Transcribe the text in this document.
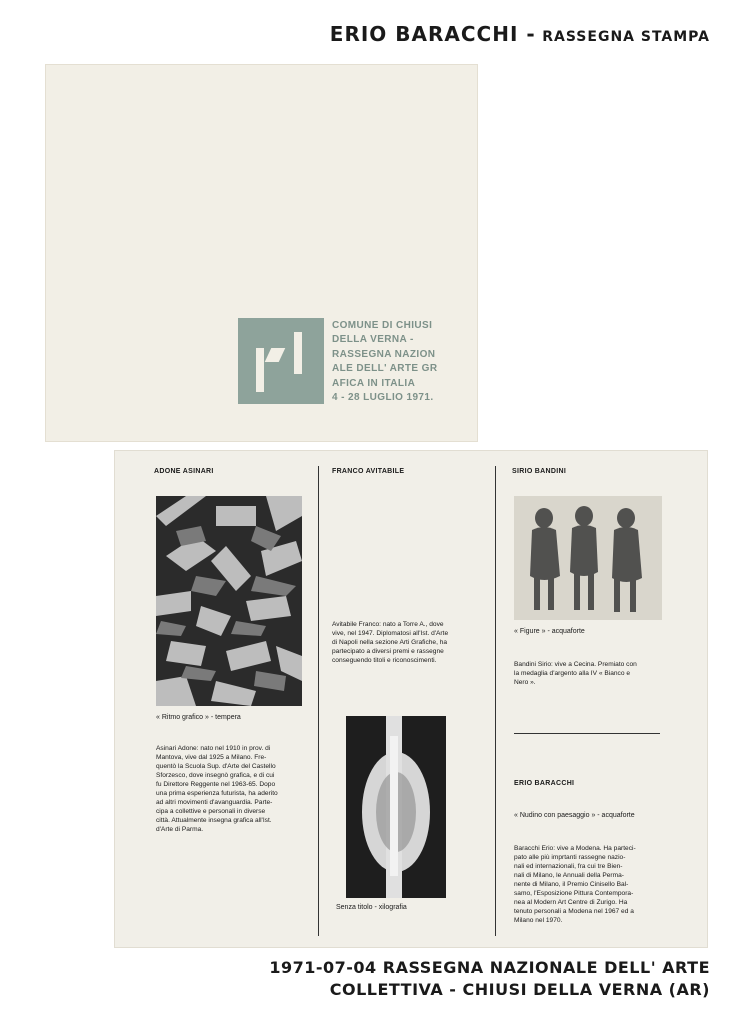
ERIO BARACCHI - RASSEGNA STAMPA
COMUNE DI CHIUSI
DELLA VERNA -
RASSEGNA NAZION
ALE DELL' ARTE GR
AFICA IN ITALIA
4 - 28 LUGLIO 1971.
ADONE ASINARI
« Ritmo grafico » - tempera
Asinari Adone: nato nel 1910 in prov. di
Mantova, vive dal 1925 a Milano. Fre-
quentò la Scuola Sup. d'Arte del Castello
Sforzesco, dove insegnò grafica, e di cui
fu Direttore Reggente nel 1963-65. Dopo
una prima esperienza futurista, ha aderito
ad altri movimenti d'avanguardia. Parte-
cipa a collettive e personali in diverse
città. Attualmente insegna grafica all'Ist.
d'Arte di Parma.
FRANCO AVITABILE
Avitabile Franco: nato a Torre A., dove
vive, nel 1947. Diplomatosi all'Ist. d'Arte
di Napoli nella sezione Arti Grafiche, ha
partecipato a diversi premi e rassegne
conseguendo titoli e riconoscimenti.
Senza titolo - xilografia
SIRIO BANDINI
« Figure » - acquaforte
Bandini Sirio: vive a Cecina. Premiato con
la medaglia d'argento alla IV « Bianco e
Nero ».
ERIO BARACCHI
« Nudino con paesaggio » - acquaforte
Baracchi Erio: vive a Modena. Ha parteci-
pato alle più imprtanti rassegne nazio-
nali ed internazionali, fra cui tre Bien-
nali di Milano, le Annuali della Perma-
nente di Milano, il Premio Cinisello Bal-
samo, l'Esposizione Pittura Contempora-
nea al Modern Art Centre di Zurigo. Ha
tenuto personali a Modena nel 1967 ed a
Milano nel 1970.
1971-07-04 RASSEGNA NAZIONALE DELL' ARTE
COLLETTIVA - CHIUSI DELLA VERNA (AR)
